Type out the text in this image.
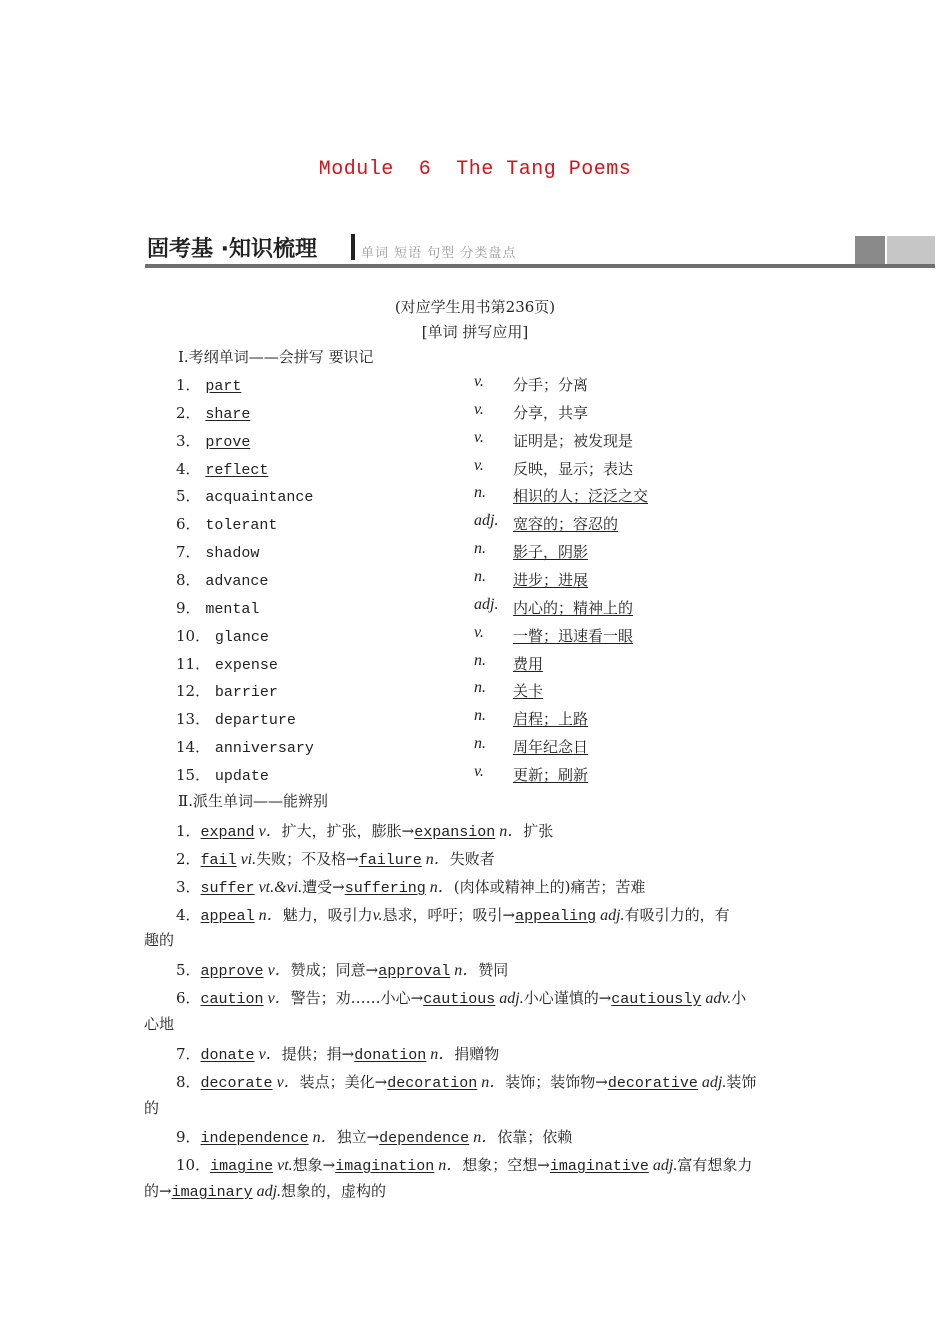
Module  6  The Tang Poems
固考基 ·知识梳理	单词 短语 句型 分类盘点
(对应学生用书第236页)
[单词 拼写应用]
Ⅰ.考纲单词——会拼写 要识记
1． part	v. 分手；分离
2． share	v. 分享，共享
3． prove	v. 证明是；被发现是
4． reflect	v. 反映，显示；表达
5． acquaintance	n. 相识的人；泛泛之交
6． tolerant	adj. 宽容的；容忍的
7． shadow	n. 影子，阴影
8． advance	n. 进步；进展
9． mental	adj. 内心的；精神上的
10． glance	v. 一瞥；迅速看一眼
11． expense	n. 费用
12． barrier	n. 关卡
13． departure	n. 启程；上路
14． anniversary	n. 周年纪念日
15． update	v. 更新；刷新
Ⅱ.派生单词——能辨别
1．expand v．扩大，扩张，膨胀→expansion n．扩张
2．fail vi.失败；不及格→failure n．失败者
3．suffer vt.&vi.遭受→suffering n．(肉体或精神上的)痛苦；苦难
4．appeal n．魅力，吸引力v.恳求，呼吁；吸引→appealing adj.有吸引力的，有
趣的
5．approve v．赞成；同意→approval n．赞同
6．caution v．警告；劝……小心→cautious adj.小心谨慎的→cautiously adv.小
心地
7．donate v．提供；捐→donation n．捐赠物
8．decorate v．装点；美化→decoration n．装饰；装饰物→decorative adj.装饰
的
9．independence n．独立→dependence n．依靠；依赖
10．imagine vt.想象→imagination n．想象；空想→imaginative adj.富有想象力
的→imaginary adj.想象的，虚构的
